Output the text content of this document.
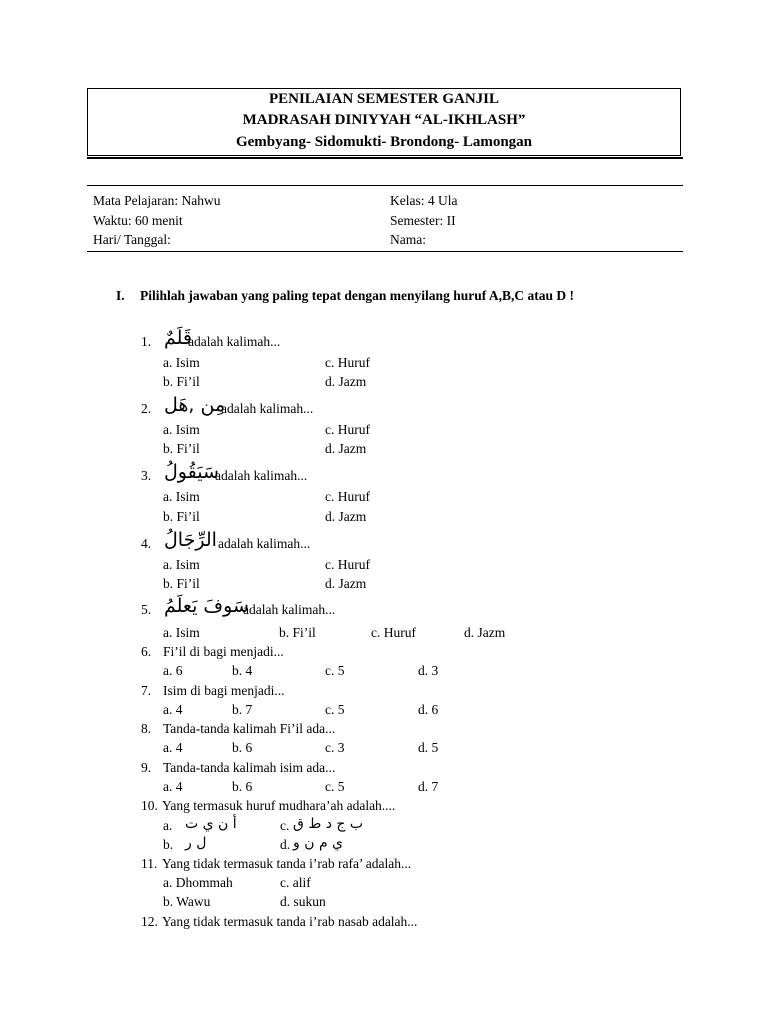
PENILAIAN SEMESTER GANJIL
MADRASAH DINIYYAH “AL-IKHLASH”
Gembyang- Sidomukti- Brondong- Lamongan
Mata Pelajaran: Nahwu	Kelas: 4 Ula
Waktu: 60 menit	Semester: II
Hari/ Tanggal:	Nama:
I. Pilihlah jawaban yang paling tepat dengan menyilang huruf A,B,C atau D !
1. قَلَمٌ
adalah kalimah...
a. Isim	c. Huruf
b. Fi’il	d. Jazm
2. مِن ,هَل
adalah kalimah...
a. Isim	c. Huruf
b. Fi’il	d. Jazm
3. سَيَقُولُ
adalah kalimah...
a. Isim	c. Huruf
b. Fi’il	d. Jazm
4. الرِّجَالُ adalah kalimah...
a. Isim	c. Huruf
b. Fi’il	d. Jazm
5. سَوفَ يَعلَمُ
adalah kalimah...
a. Isim	b. Fi’il	c. Huruf	d. Jazm
6. Fi’il di bagi menjadi...
a. 6	b. 4	c. 5	d. 3
7. Isim di bagi menjadi...
a. 4	b. 7	c. 5	d. 6
8. Tanda-tanda kalimah Fi’il ada...
a. 4	b. 6	c. 3	d. 5
9. Tanda-tanda kalimah isim ada...
a. 4	b. 6	c. 5	d. 7
10. Yang termasuk huruf mudhara’ah adalah....
a. أ ن ي ت	c. ب ج د ط ق
b. ل ر	d. ي م ن و
11. Yang tidak termasuk tanda i’rab rafa’ adalah...
a. Dhommah	c. alif
b. Wawu	d. sukun
12. Yang tidak termasuk tanda i’rab nasab adalah...
